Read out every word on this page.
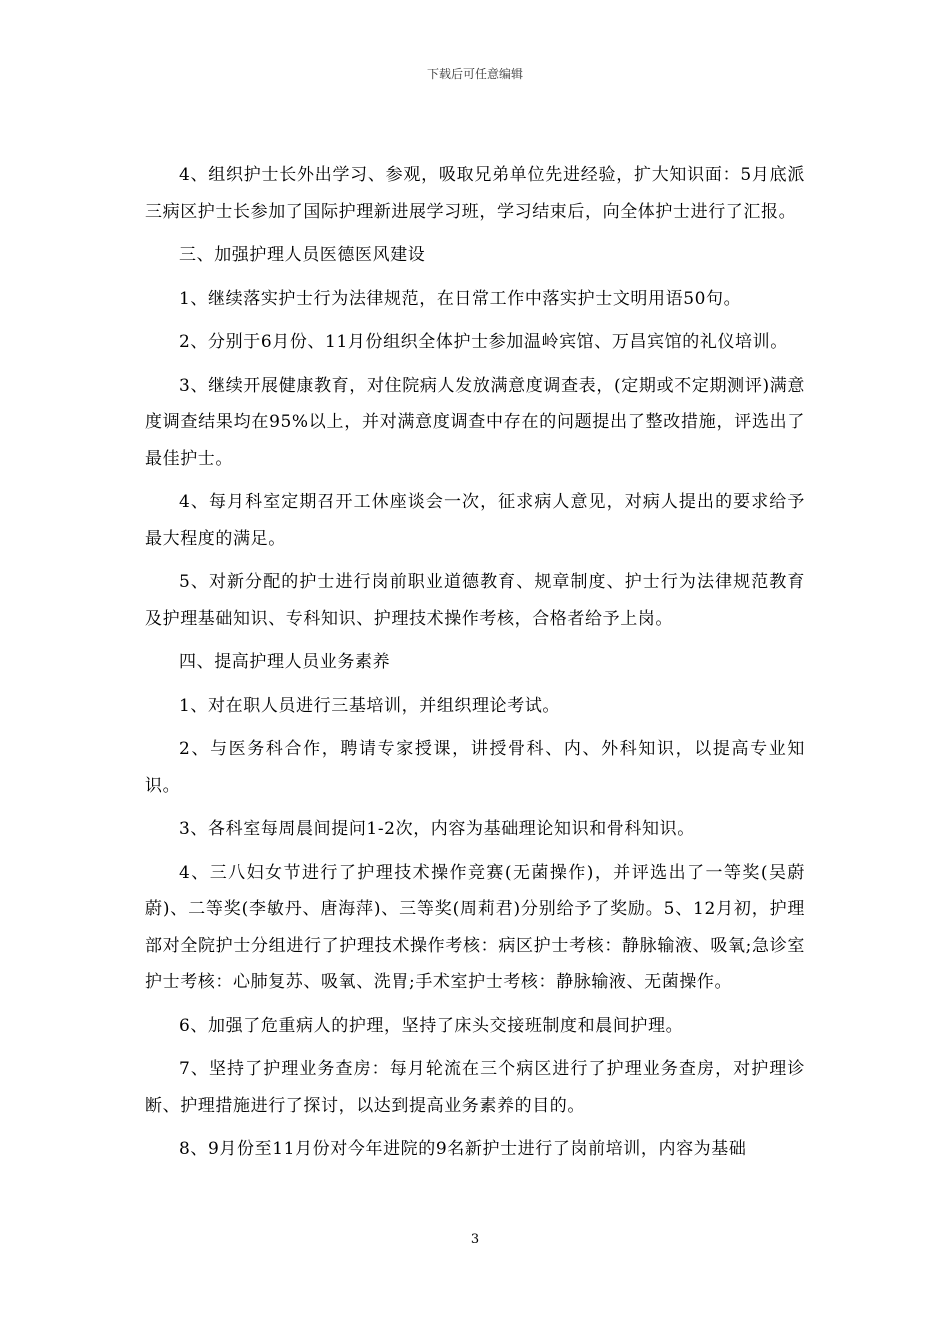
下载后可任意编辑

4、组织护士长外出学习、参观，吸取兄弟单位先进经验，扩大知识面：5月底派三病区护士长参加了国际护理新进展学习班，学习结束后，向全体护士进行了汇报。

三、加强护理人员医德医风建设

1、继续落实护士行为法律规范，在日常工作中落实护士文明用语50句。

2、分别于6月份、11月份组织全体护士参加温岭宾馆、万昌宾馆的礼仪培训。

3、继续开展健康教育，对住院病人发放满意度调查表，(定期或不定期测评)满意度调查结果均在95%以上，并对满意度调查中存在的问题提出了整改措施，评选出了最佳护士。

4、每月科室定期召开工休座谈会一次，征求病人意见，对病人提出的要求给予最大程度的满足。

5、对新分配的护士进行岗前职业道德教育、规章制度、护士行为法律规范教育及护理基础知识、专科知识、护理技术操作考核，合格者给予上岗。

四、提高护理人员业务素养

1、对在职人员进行三基培训，并组织理论考试。

2、与医务科合作，聘请专家授课，讲授骨科、内、外科知识，以提高专业知识。

3、各科室每周晨间提问1-2次，内容为基础理论知识和骨科知识。

4、三八妇女节进行了护理技术操作竞赛(无菌操作)，并评选出了一等奖(吴蔚蔚)、二等奖(李敏丹、唐海萍)、三等奖(周莉君)分别给予了奖励。5、12月初，护理部对全院护士分组进行了护理技术操作考核：病区护士考核：静脉输液、吸氧;急诊室护士考核：心肺复苏、吸氧、洗胃;手术室护士考核：静脉输液、无菌操作。

6、加强了危重病人的护理，坚持了床头交接班制度和晨间护理。

7、坚持了护理业务查房：每月轮流在三个病区进行了护理业务查房，对护理诊断、护理措施进行了探讨，以达到提高业务素养的目的。

8、9月份至11月份对今年进院的9名新护士进行了岗前培训，内容为基础

3
